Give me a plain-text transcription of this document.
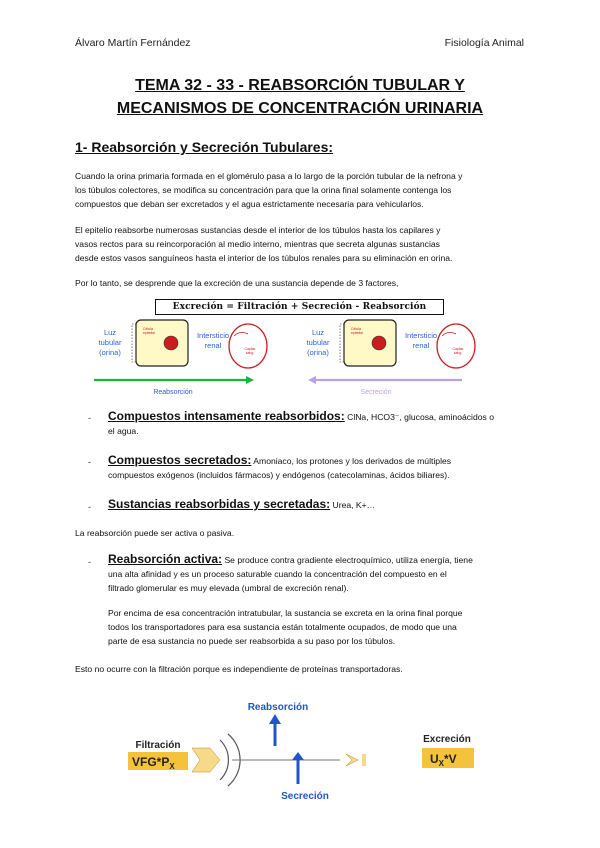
Álvaro Martín Fernández	Fisiología Animal
TEMA 32 - 33 - REABSORCIÓN TUBULAR Y
MECANISMOS DE CONCENTRACIÓN URINARIA
1- Reabsorción y Secreción Tubulares:
Cuando la orina primaria formada en el glomérulo pasa a lo largo de la porción tubular de la nefrona y
los túbulos colectores, se modifica su concentración para que la orina final solamente contenga los
compuestos que deban ser excretados y el agua estrictamente necesaria para vehicularlos.
El epitelio reabsorbe numerosas sustancias desde el interior de los túbulos hasta los capilares y
vasos rectos para su reincorporación al medio interno, mientras que secreta algunas sustancias
desde estos vasos sanguíneos hasta el interior de los túbulos renales para su eliminación en orina.
Por lo tanto, se desprende que la excreción de una sustancia depende de 3 factores,
Excreción = Filtración + Secreción - Reabsorción
Luz
tubular
(orina)
Célula
epitelial	Intersticio
renal	Capilar
sang.
Reabsorción
Luz
tubular
(orina)
Célula
epitelial	Intersticio
renal	Capilar
sang.
Secreción
- Compuestos intensamente reabsorbidos: ClNa, HCO3⁻, glucosa, aminoácidos o
el agua.
- Compuestos secretados: Amoniaco, los protones y los derivados de múltiples
compuestos exógenos (incluidos fármacos) y endógenos (catecolaminas, ácidos biliares).
- Sustancias reabsorbidas y secretadas: Urea, K+…
La reabsorción puede ser activa o pasiva.
- Reabsorción activa: Se produce contra gradiente electroquímico, utiliza energía, tiene
una alta afinidad y es un proceso saturable cuando la concentración del compuesto en el
filtrado glomerular es muy elevada (umbral de excreción renal).
Por encima de esa concentración intratubular, la sustancia se excreta en la orina final porque
todos los transportadores para esa sustancia están totalmente ocupados, de modo que una
parte de esa sustancia no puede ser reabsorbida a su paso por los túbulos.
Esto no ocurre con la filtración porque es independiente de proteínas transportadoras.
Filtración
$VFG*P_X$
Reabsorción
Secreción
Excreción
$U_X*V$
